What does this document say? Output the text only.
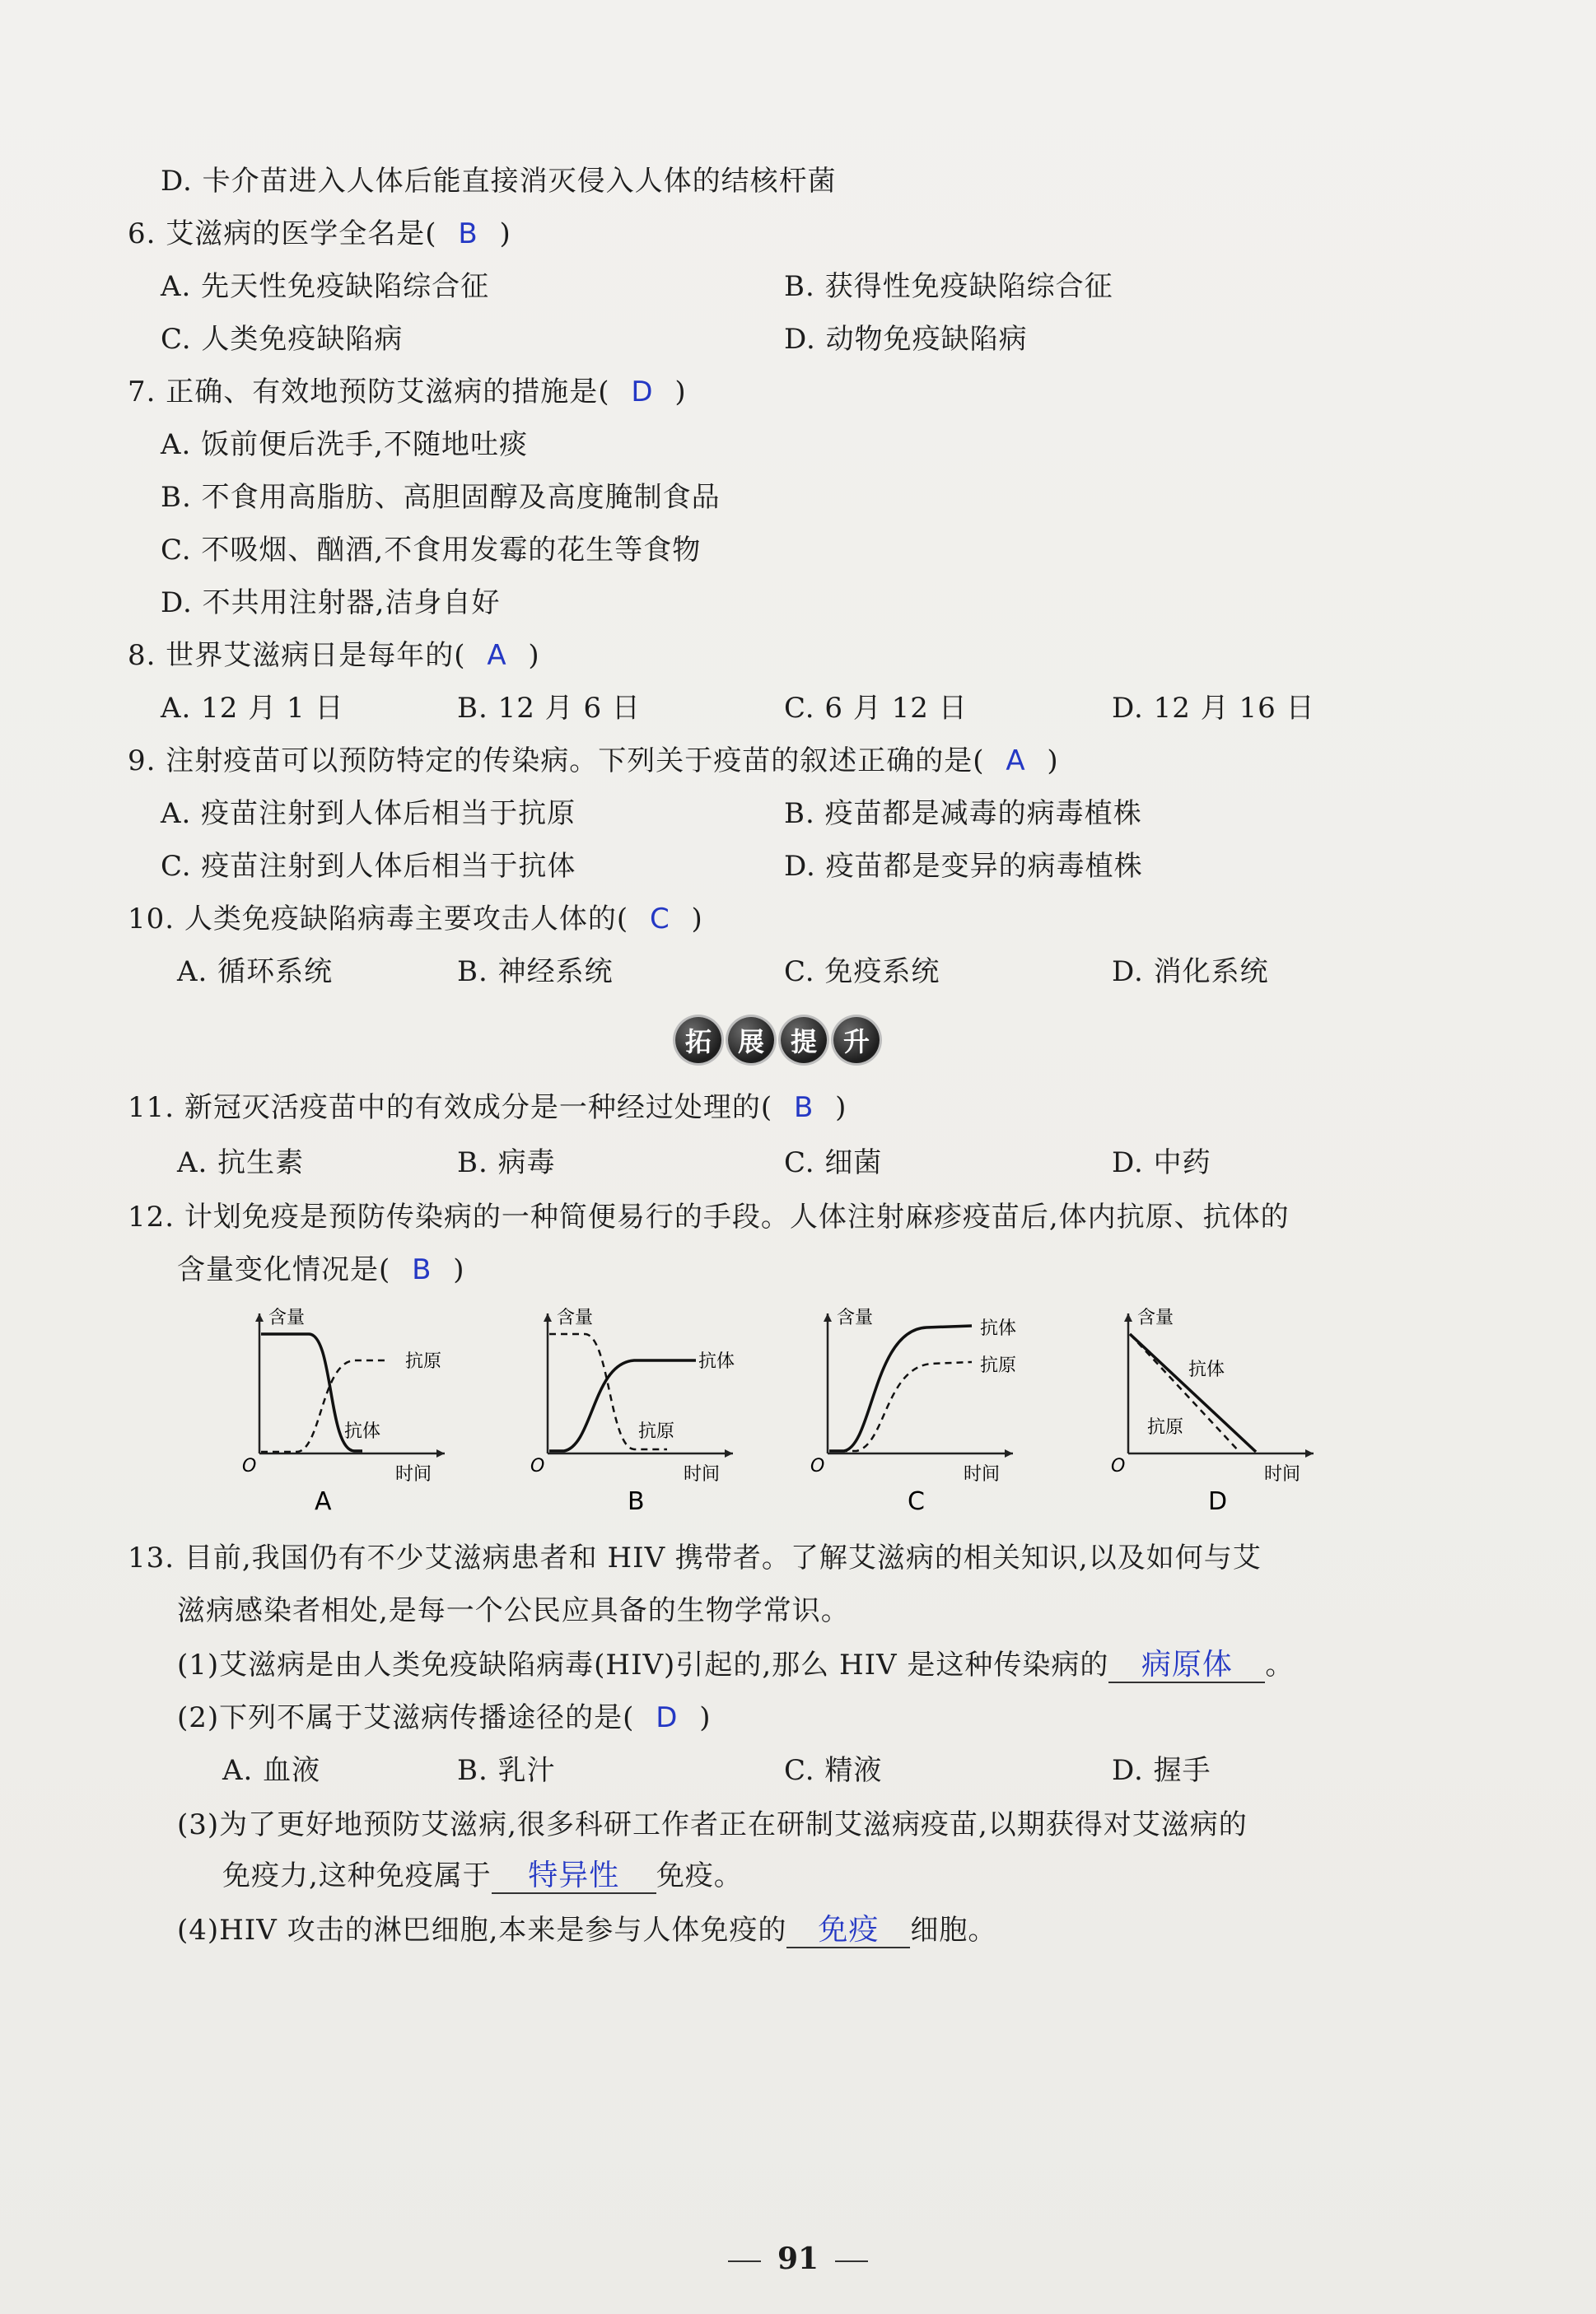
D. 卡介苗进入人体后能直接消灭侵入人体的结核杆菌
6. 艾滋病的医学全名是( B )
A. 先天性免疫缺陷综合征	B. 获得性免疫缺陷综合征
C. 人类免疫缺陷病	D. 动物免疫缺陷病
7. 正确、有效地预防艾滋病的措施是( D )
A. 饭前便后洗手,不随地吐痰
B. 不食用高脂肪、高胆固醇及高度腌制食品
C. 不吸烟、酗酒,不食用发霉的花生等食物
D. 不共用注射器,洁身自好
8. 世界艾滋病日是每年的( A )
A. 12 月 1 日	B. 12 月 6 日	C. 6 月 12 日	D. 12 月 16 日
9. 注射疫苗可以预防特定的传染病。下列关于疫苗的叙述正确的是( A )
A. 疫苗注射到人体后相当于抗原	B. 疫苗都是减毒的病毒植株
C. 疫苗注射到人体后相当于抗体	D. 疫苗都是变异的病毒植株
10. 人类免疫缺陷病毒主要攻击人体的( C )
A. 循环系统	B. 神经系统	C. 免疫系统	D. 消化系统
拓 展 提 升
11. 新冠灭活疫苗中的有效成分是一种经过处理的( B )
A. 抗生素	B. 病毒	C. 细菌	D. 中药
12. 计划免疫是预防传染病的一种简便易行的手段。人体注射麻疹疫苗后,体内抗原、抗体的
含量变化情况是( B )
含量
时间
O
抗原
抗体
A
含量
时间
O
抗体
抗原
B
含量
时间
O
抗体
抗原
C
含量
时间
O
抗体
抗原
D
13. 目前,我国仍有不少艾滋病患者和 HIV 携带者。了解艾滋病的相关知识,以及如何与艾
滋病感染者相处,是每一个公民应具备的生物学常识。
(1)艾滋病是由人类免疫缺陷病毒(HIV)引起的,那么 HIV 是这种传染病的 病原体 。
(2)下列不属于艾滋病传播途径的是( D )
A. 血液	B. 乳汁	C. 精液	D. 握手
(3)为了更好地预防艾滋病,很多科研工作者正在研制艾滋病疫苗,以期获得对艾滋病的
免疫力,这种免疫属于 特异性 免疫。
(4)HIV 攻击的淋巴细胞,本来是参与人体免疫的 免疫 细胞。
91
